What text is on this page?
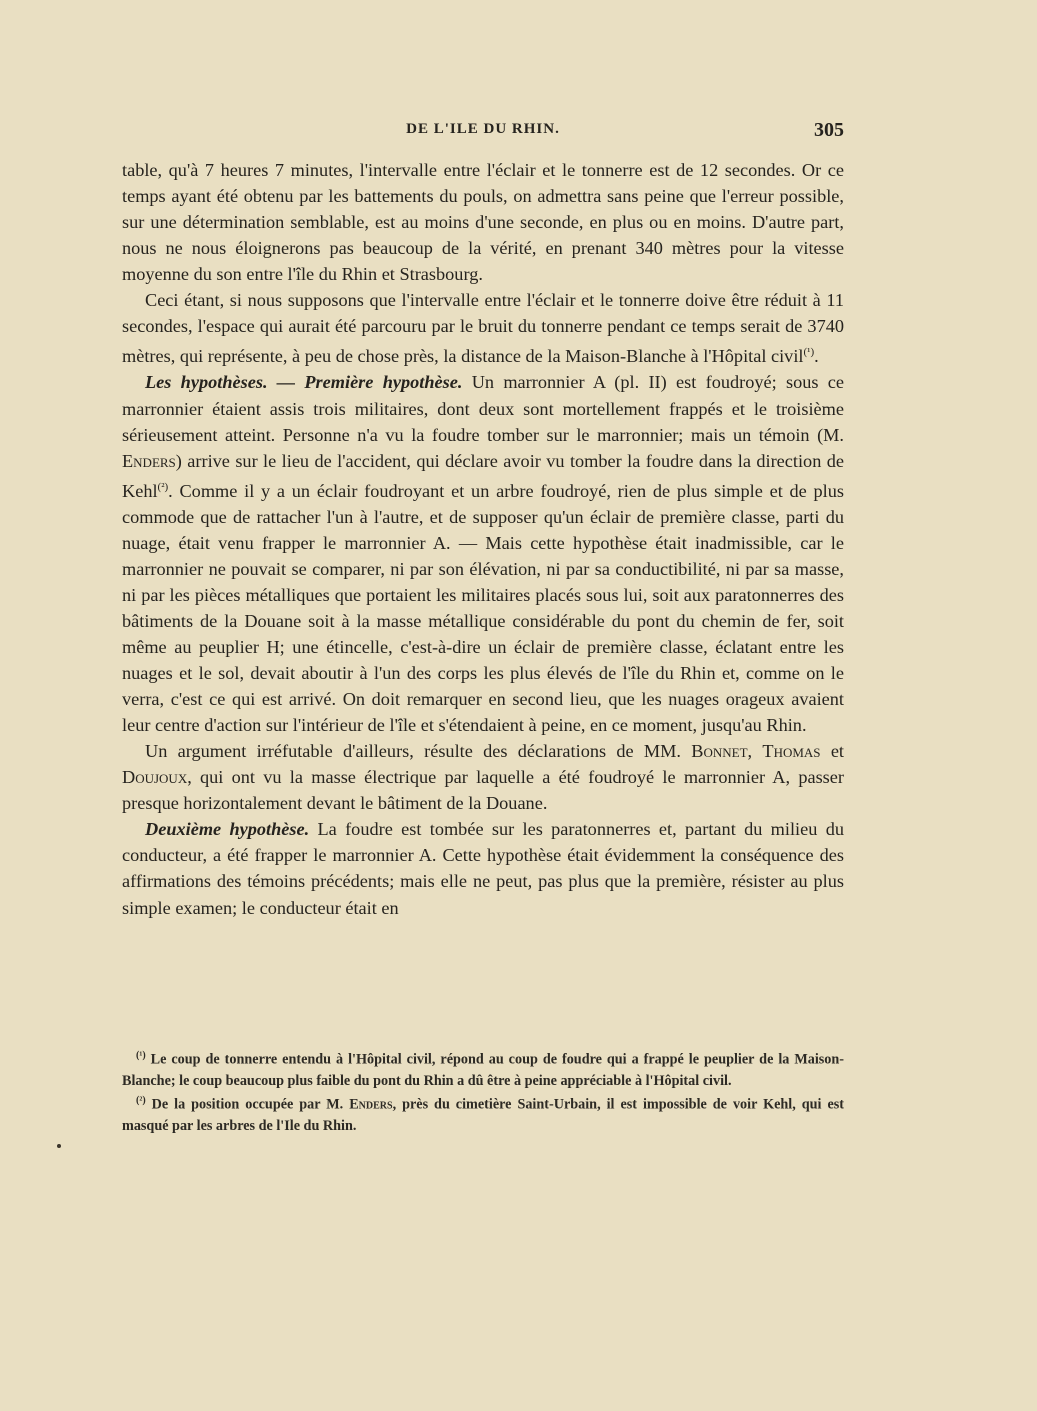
DE L'ILE DU RHIN.	305

table, qu'à 7 heures 7 minutes, l'intervalle entre l'éclair et le tonnerre est de 12 secondes. Or ce temps ayant été obtenu par les battements du pouls, on admettra sans peine que l'erreur possible, sur une détermination semblable, est au moins d'une seconde, en plus ou en moins. D'autre part, nous ne nous éloignerons pas beaucoup de la vérité, en prenant 340 mètres pour la vitesse moyenne du son entre l'île du Rhin et Strasbourg.

Ceci étant, si nous supposons que l'intervalle entre l'éclair et le tonnerre doive être réduit à 11 secondes, l'espace qui aurait été parcouru par le bruit du tonnerre pendant ce temps serait de 3740 mètres, qui représente, à peu de chose près, la distance de la Maison-Blanche à l'Hôpital civil$^{(^1)}$.

Les hypothèses. — Première hypothèse. Un marronnier A (pl. II) est foudroyé; sous ce marronnier étaient assis trois militaires, dont deux sont mortellement frappés et le troisième sérieusement atteint. Personne n'a vu la foudre tomber sur le marronnier; mais un témoin (M. Enders) arrive sur le lieu de l'accident, qui déclare avoir vu tomber la foudre dans la direction de Kehl$^{(^2)}$. Comme il y a un éclair foudroyant et un arbre foudroyé, rien de plus simple et de plus commode que de rattacher l'un à l'autre, et de supposer qu'un éclair de première classe, parti du nuage, était venu frapper le marronnier A. — Mais cette hypothèse était inadmissible, car le marronnier ne pouvait se comparer, ni par son élévation, ni par sa conductibilité, ni par sa masse, ni par les pièces métalliques que portaient les militaires placés sous lui, soit aux paratonnerres des bâtiments de la Douane soit à la masse métallique considérable du pont du chemin de fer, soit même au peuplier H; une étincelle, c'est-à-dire un éclair de première classe, éclatant entre les nuages et le sol, devait aboutir à l'un des corps les plus élevés de l'île du Rhin et, comme on le verra, c'est ce qui est arrivé. On doit remarquer en second lieu, que les nuages orageux avaient leur centre d'action sur l'intérieur de l'île et s'étendaient à peine, en ce moment, jusqu'au Rhin.

Un argument irréfutable d'ailleurs, résulte des déclarations de MM. Bonnet, Thomas et Doujoux, qui ont vu la masse électrique par laquelle a été foudroyé le marronnier A, passer presque horizontalement devant le bâtiment de la Douane.

Deuxième hypothèse. La foudre est tombée sur les paratonnerres et, partant du milieu du conducteur, a été frapper le marronnier A. Cette hypothèse était évidemment la conséquence des affirmations des témoins précédents; mais elle ne peut, pas plus que la première, résister au plus simple examen; le conducteur était en

$^{(^1)}$ Le coup de tonnerre entendu à l'Hôpital civil, répond au coup de foudre qui a frappé le peuplier de la Maison-Blanche; le coup beaucoup plus faible du pont du Rhin a dû être à peine appréciable à l'Hôpital civil.

$^{(^2)}$ De la position occupée par M. Enders, près du cimetière Saint-Urbain, il est impossible de voir Kehl, qui est masqué par les arbres de l'Ile du Rhin.
